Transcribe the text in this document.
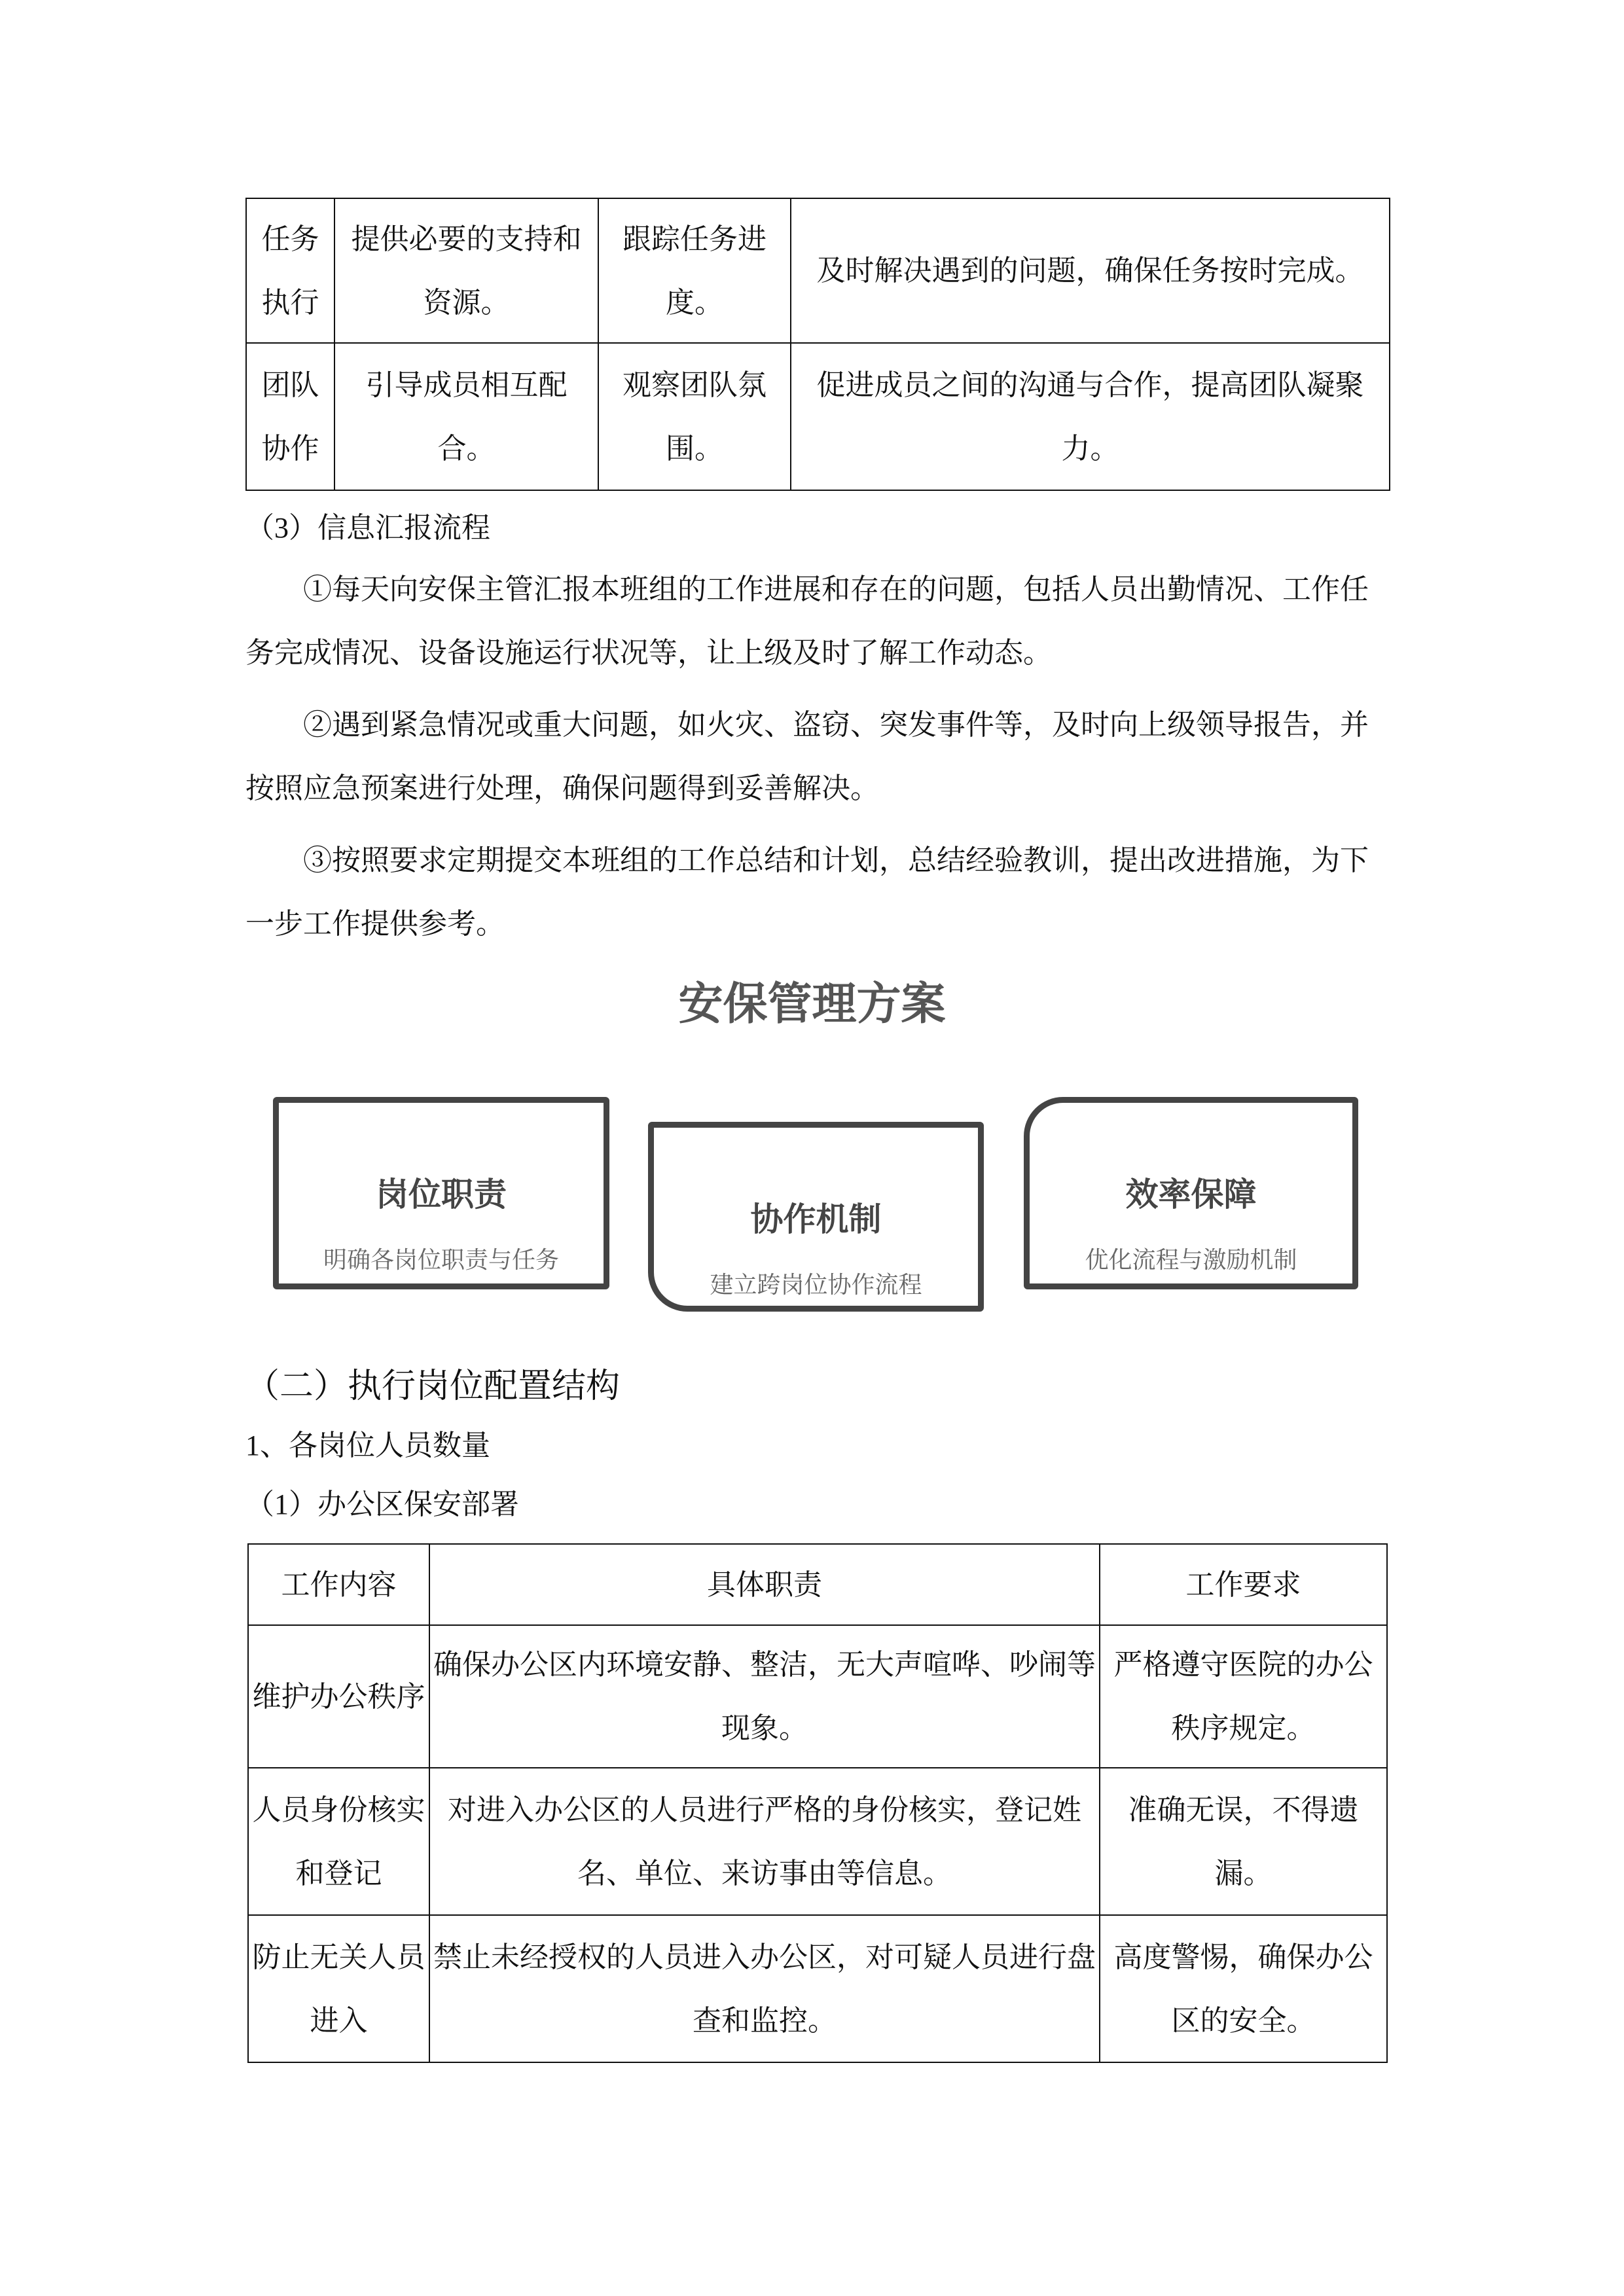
任务执行	提供必要的支持和资源。	跟踪任务进度。	及时解决遇到的问题，确保任务按时完成。
团队协作	引导成员相互配合。	观察团队氛围。	促进成员之间的沟通与合作，提高团队凝聚力。
（3）信息汇报流程
①每天向安保主管汇报本班组的工作进展和存在的问题，包括人员出勤情况、工作任务完成情况、设备设施运行状况等，让上级及时了解工作动态。
②遇到紧急情况或重大问题，如火灾、盗窃、突发事件等，及时向上级领导报告，并按照应急预案进行处理，确保问题得到妥善解决。
③按照要求定期提交本班组的工作总结和计划，总结经验教训，提出改进措施，为下一步工作提供参考。
安保管理方案
岗位职责
明确各岗位职责与任务
协作机制
建立跨岗位协作流程
效率保障
优化流程与激励机制
（二）执行岗位配置结构
1、各岗位人员数量
（1）办公区保安部署
工作内容	具体职责	工作要求
维护办公秩序	确保办公区内环境安静、整洁，无大声喧哗、吵闹等现象。	严格遵守医院的办公秩序规定。
人员身份核实和登记	对进入办公区的人员进行严格的身份核实，登记姓名、单位、来访事由等信息。	准确无误，不得遗漏。
防止无关人员进入	禁止未经授权的人员进入办公区，对可疑人员进行盘查和监控。	高度警惕，确保办公区的安全。
